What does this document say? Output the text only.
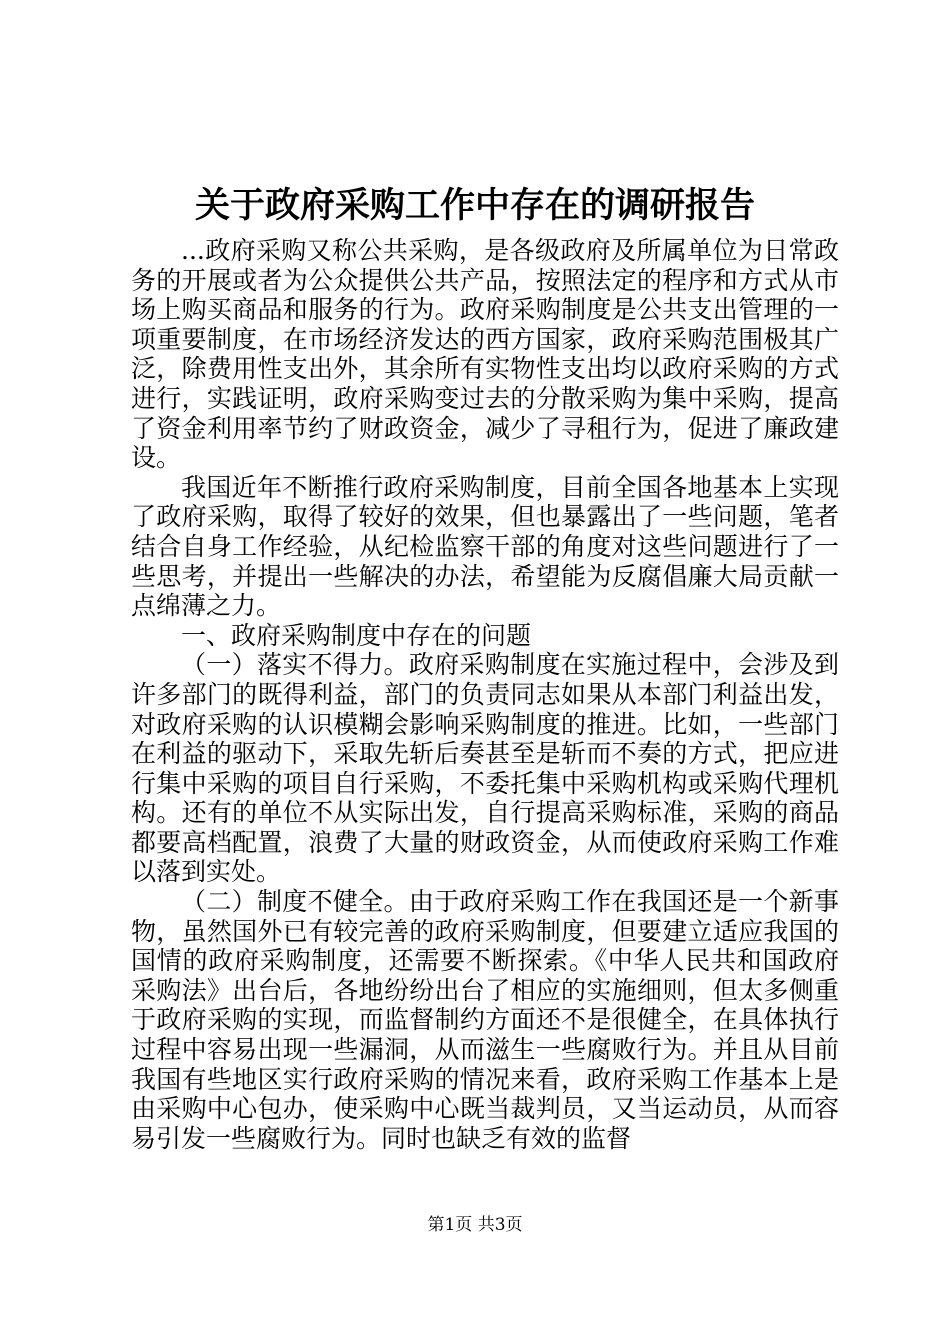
关于政府采购工作中存在的调研报告

...政府采购又称公共采购，是各级政府及所属单位为日常政务的开展或者为公众提供公共产品，按照法定的程序和方式从市场上购买商品和服务的行为。政府采购制度是公共支出管理的一项重要制度，在市场经济发达的西方国家，政府采购范围极其广泛，除费用性支出外，其余所有实物性支出均以政府采购的方式进行，实践证明，政府采购变过去的分散采购为集中采购，提高了资金利用率节约了财政资金，减少了寻租行为，促进了廉政建设。

我国近年不断推行政府采购制度，目前全国各地基本上实现了政府采购，取得了较好的效果，但也暴露出了一些问题，笔者结合自身工作经验，从纪检监察干部的角度对这些问题进行了一些思考，并提出一些解决的办法，希望能为反腐倡廉大局贡献一点绵薄之力。

一、政府采购制度中存在的问题

（一）落实不得力。政府采购制度在实施过程中，会涉及到许多部门的既得利益，部门的负责同志如果从本部门利益出发，对政府采购的认识模糊会影响采购制度的推进。比如，一些部门在利益的驱动下，采取先斩后奏甚至是斩而不奏的方式，把应进行集中采购的项目自行采购，不委托集中采购机构或采购代理机构。还有的单位不从实际出发，自行提高采购标准，采购的商品都要高档配置，浪费了大量的财政资金，从而使政府采购工作难以落到实处。

（二）制度不健全。由于政府采购工作在我国还是一个新事物，虽然国外已有较完善的政府采购制度，但要建立适应我国的国情的政府采购制度，还需要不断探索。《中华人民共和国政府采购法》出台后，各地纷纷出台了相应的实施细则，但太多侧重于政府采购的实现，而监督制约方面还不是很健全，在具体执行过程中容易出现一些漏洞，从而滋生一些腐败行为。并且从目前我国有些地区实行政府采购的情况来看，政府采购工作基本上是由采购中心包办，使采购中心既当裁判员，又当运动员，从而容易引发一些腐败行为。同时也缺乏有效的监督

第1页 共3页
